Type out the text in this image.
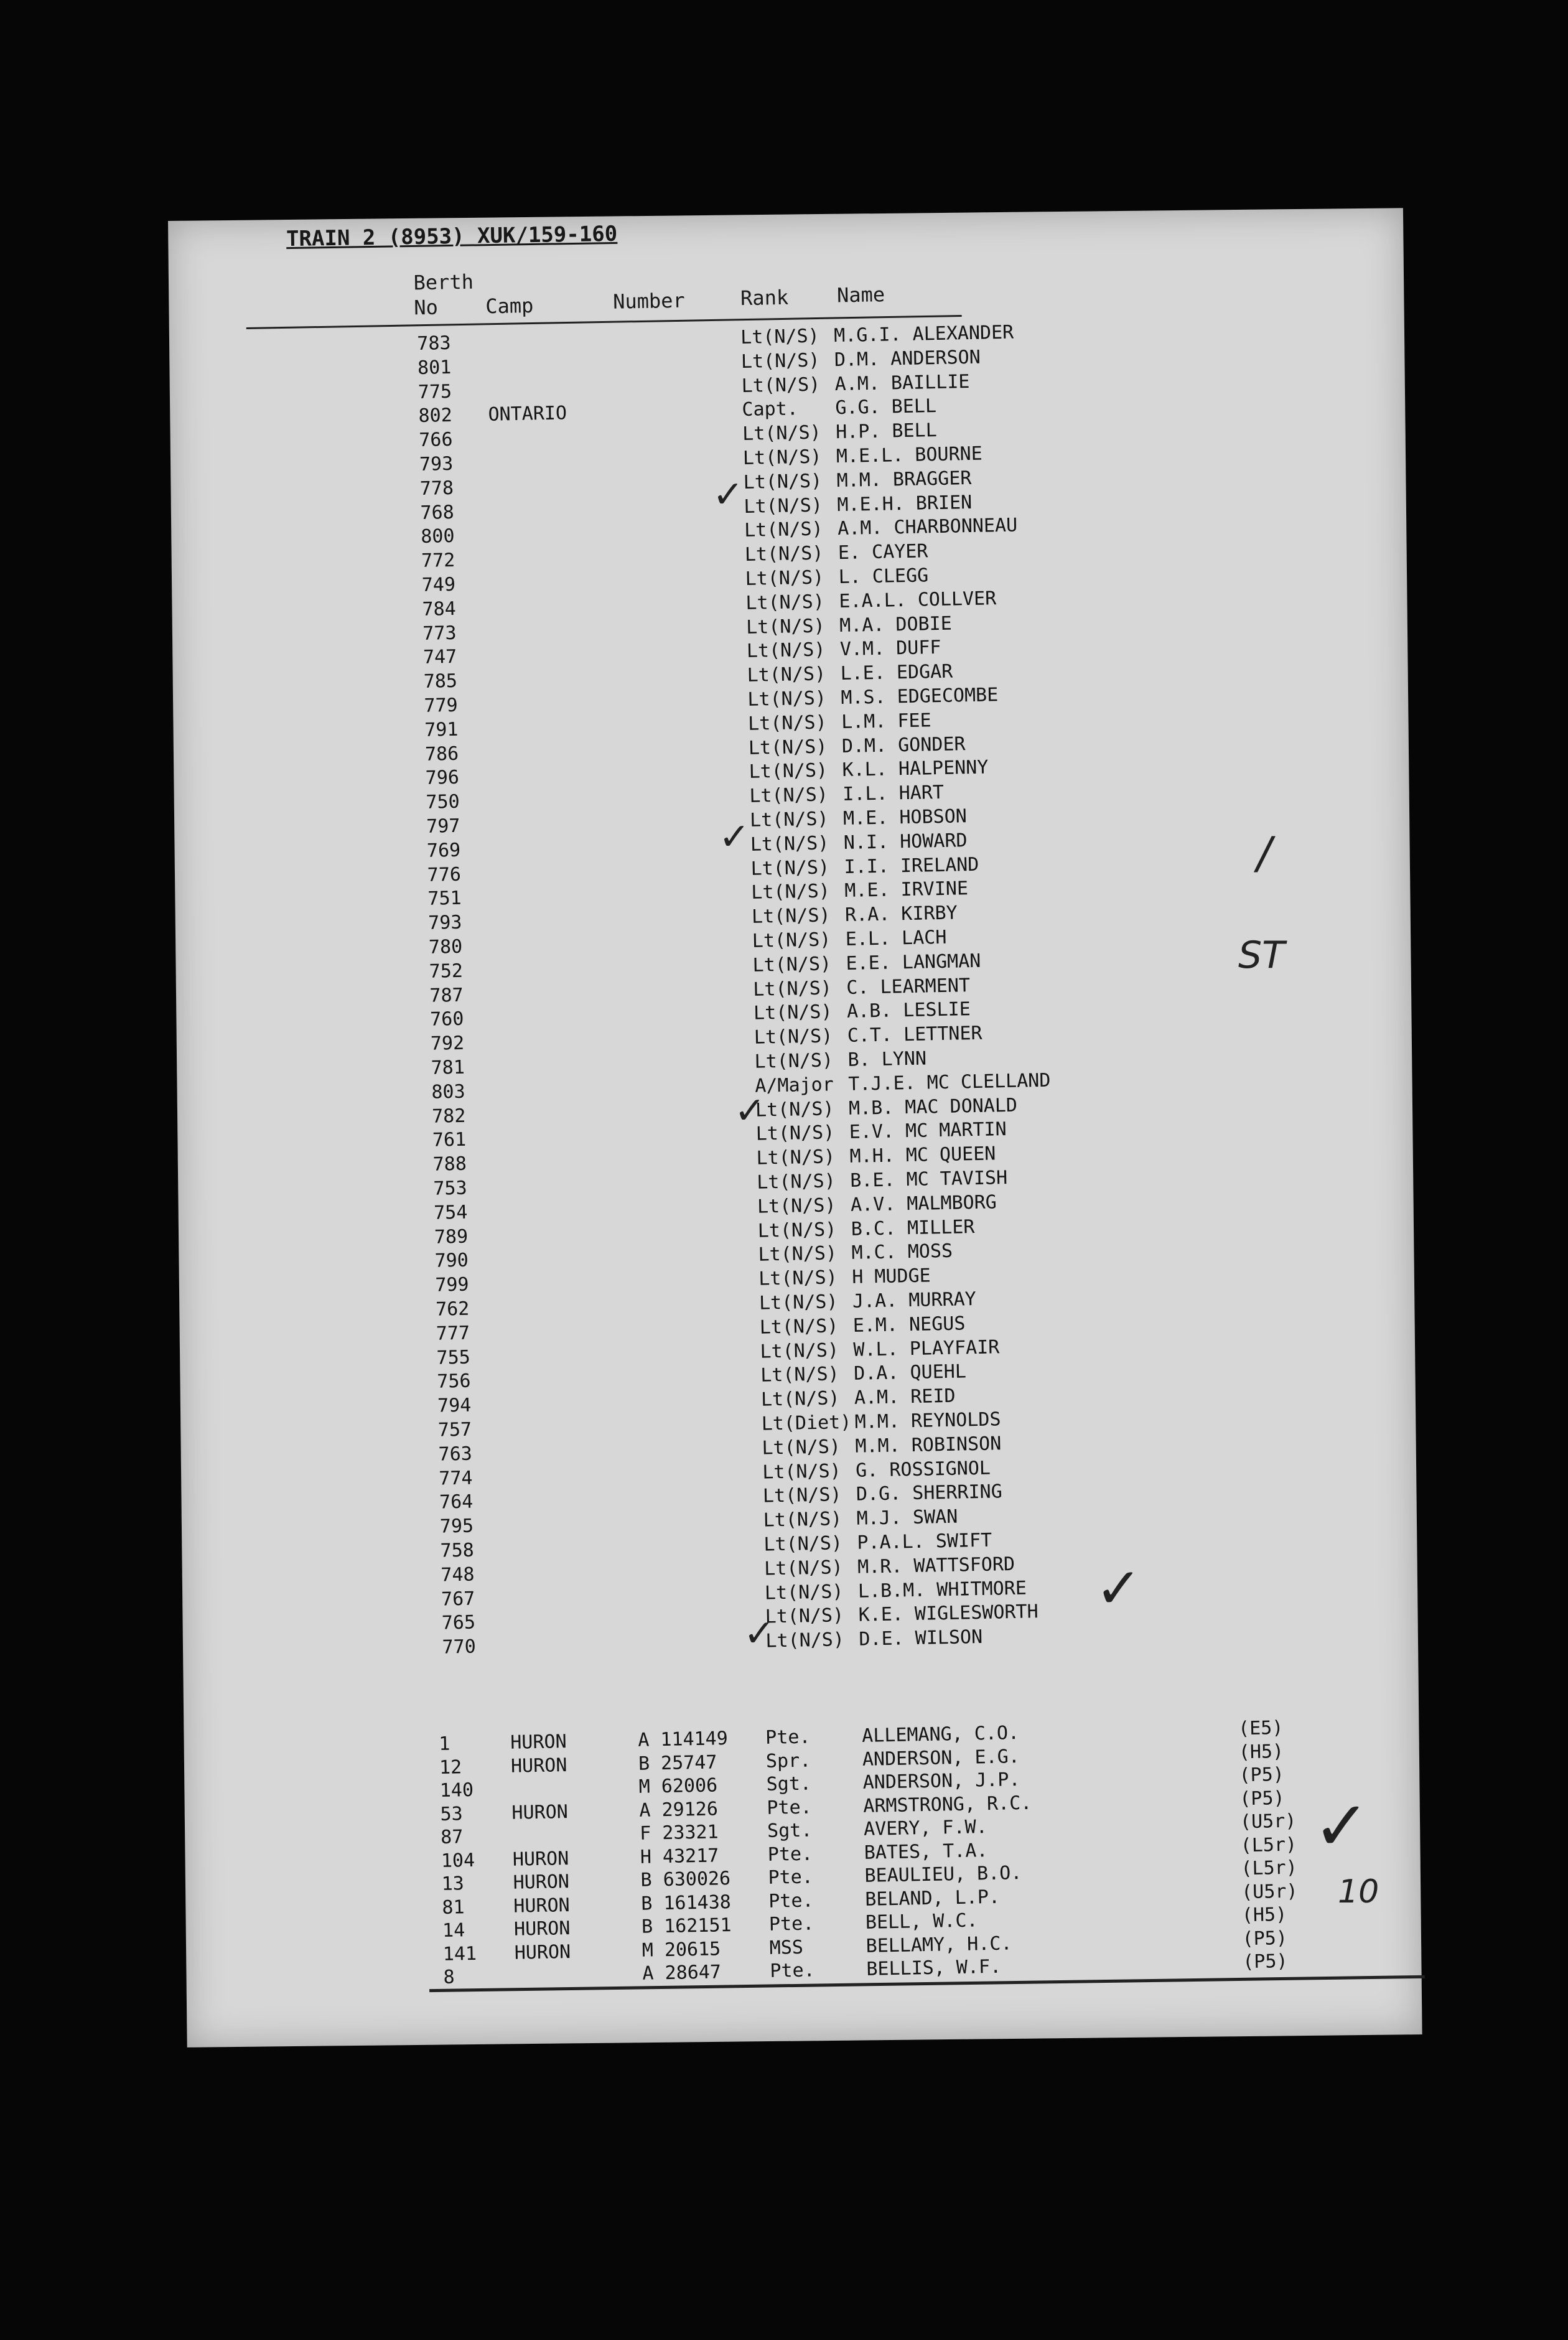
TRAIN 2 (8953) XUK/159-160
Berth
No Camp	Number	Rank Name
783	Lt(N/S) M.G.I. ALEXANDER
801	Lt(N/S) D.M. ANDERSON
775	Lt(N/S) A.M. BAILLIE
802 ONTARIO	Capt. G.G. BELL
766	Lt(N/S) H.P. BELL
793	Lt(N/S) M.E.L. BOURNE
778	Lt(N/S) M.M. BRAGGER
768	Lt(N/S) M.E.H. BRIEN
800	Lt(N/S) A.M. CHARBONNEAU
772	Lt(N/S) E. CAYER
749	Lt(N/S) L. CLEGG
784	Lt(N/S) E.A.L. COLLVER
773	Lt(N/S) M.A. DOBIE
747	Lt(N/S) V.M. DUFF
785	Lt(N/S) L.E. EDGAR
779	Lt(N/S) M.S. EDGECOMBE
791	Lt(N/S) L.M. FEE
786	Lt(N/S) D.M. GONDER
796	Lt(N/S) K.L. HALPENNY
750	Lt(N/S) I.L. HART
797	Lt(N/S) M.E. HOBSON
769	Lt(N/S) N.I. HOWARD
776	Lt(N/S) I.I. IRELAND
751	Lt(N/S) M.E. IRVINE
793	Lt(N/S) R.A. KIRBY
780	Lt(N/S) E.L. LACH
752	Lt(N/S) E.E. LANGMAN
787	Lt(N/S) C. LEARMENT
760	Lt(N/S) A.B. LESLIE
792	Lt(N/S) C.T. LETTNER
781	Lt(N/S) B. LYNN
803	A/Major T.J.E. MC CLELLAND
782	Lt(N/S) M.B. MAC DONALD
761	Lt(N/S) E.V. MC MARTIN
788	Lt(N/S) M.H. MC QUEEN
753	Lt(N/S) B.E. MC TAVISH
754	Lt(N/S) A.V. MALMBORG
789	Lt(N/S) B.C. MILLER
790	Lt(N/S) M.C. MOSS
799	Lt(N/S) H MUDGE
762	Lt(N/S) J.A. MURRAY
777	Lt(N/S) E.M. NEGUS
755	Lt(N/S) W.L. PLAYFAIR
756	Lt(N/S) D.A. QUEHL
794	Lt(N/S) A.M. REID
757	Lt(Diet) M.M. REYNOLDS
763	Lt(N/S) M.M. ROBINSON
774	Lt(N/S) G. ROSSIGNOL
764	Lt(N/S) D.G. SHERRING
795	Lt(N/S) M.J. SWAN
758	Lt(N/S) P.A.L. SWIFT
748	Lt(N/S) M.R. WATTSFORD
767	Lt(N/S) L.B.M. WHITMORE
765	Lt(N/S) K.E. WIGLESWORTH
770	Lt(N/S) D.E. WILSON
1	HURON	A 114149 Pte.	ALLEMANG, C.O.	(E5)
12	HURON	B 25747	Spr.	ANDERSON, E.G.	(H5)
140	M 62006	Sgt.	ANDERSON, J.P.	(P5)
53	HURON	A 29126	Pte.	ARMSTRONG, R.C.	(P5)
87	F 23321	Sgt.	AVERY, F.W.	(U5r)
104 HURON	H 43217	Pte.	BATES, T.A.	(L5r)
13	HURON	B 630026 Pte.	BEAULIEU, B.O.	(L5r)
81	HURON	B 161438 Pte.	BELAND, L.P.	(U5r)
14	HURON	B 162151 Pte.	BELL, W.C.	(H5)
141 HURON	M 20615	MSS	BELLAMY, H.C.	(P5)
8	A 28647	Pte.	BELLIS, W.F.	(P5)
ST
10
✓
✓
✓
✓
✓
✓
/
